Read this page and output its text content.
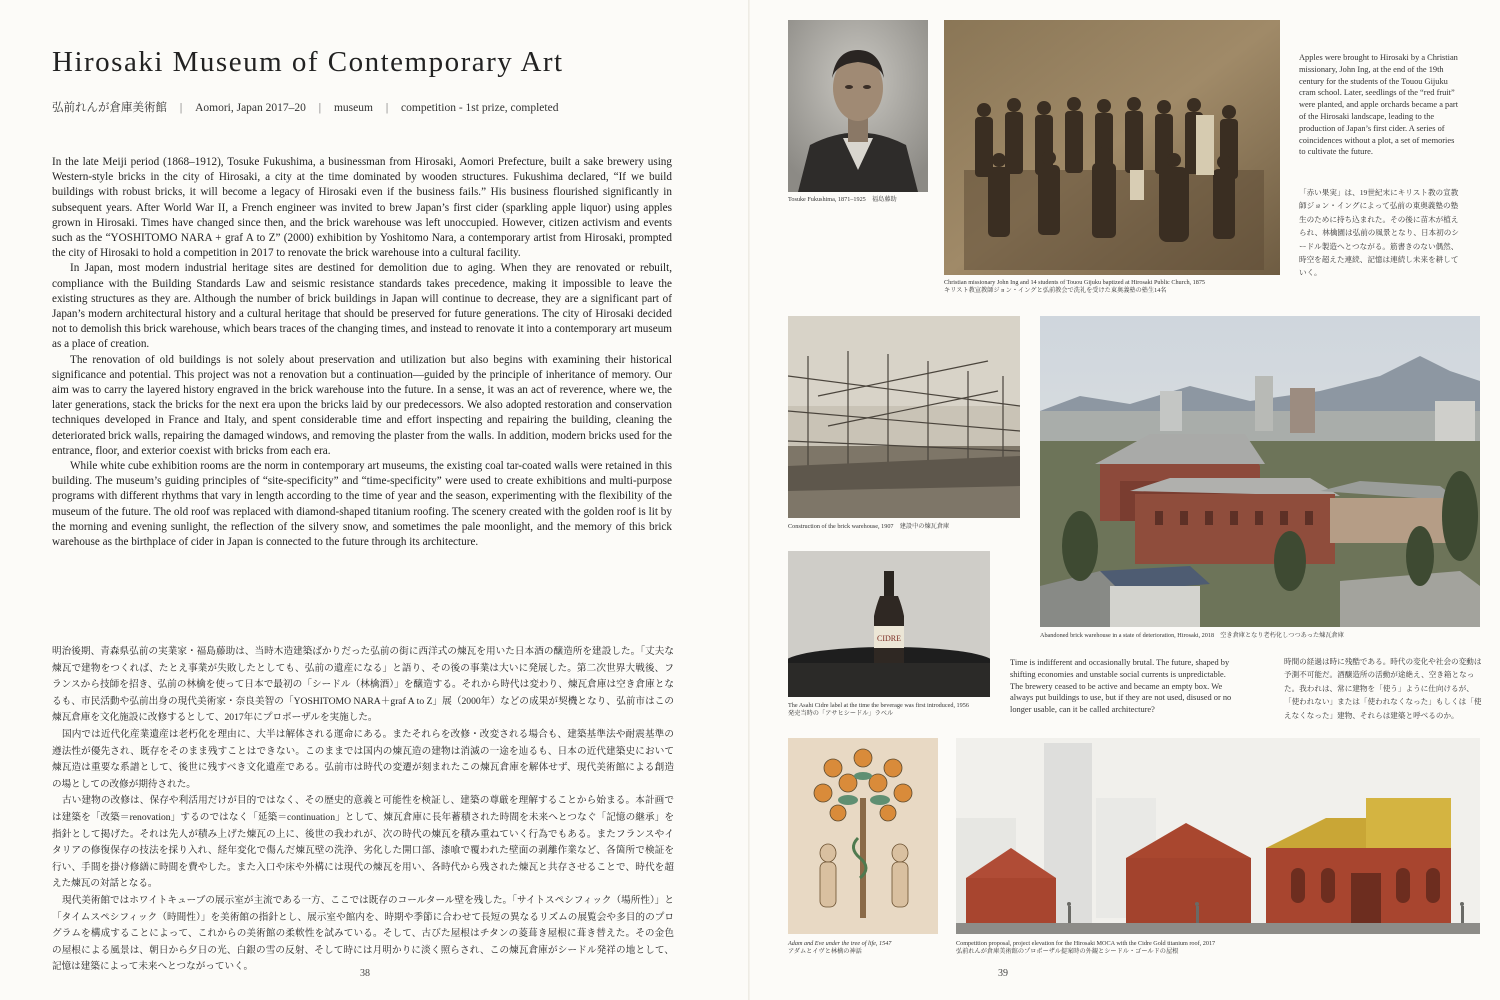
Hirosaki Museum of Contemporary Art
弘前れんが倉庫美術館 | Aomori, Japan 2017–20 | museum | competition - 1st prize, completed

In the late Meiji period (1868–1912), Tosuke Fukushima, a businessman from Hirosaki, Aomori Prefecture, built a sake brewery using Western-style bricks in the city of Hirosaki, a city at the time dominated by wooden structures. Fukushima declared, “If we build buildings with robust bricks, it will become a legacy of Hirosaki even if the business fails.” His business flourished significantly in subsequent years. After World War II, a French engineer was invited to brew Japan’s first cider (sparkling apple liquor) using apples grown in Hirosaki. Times have changed since then, and the brick warehouse was left unoccupied. However, citizen activism and events such as the “YOSHITOMO NARA + graf A to Z” (2000) exhibition by Yoshitomo Nara, a contemporary artist from Hirosaki, prompted the city of Hirosaki to hold a competition in 2017 to renovate the brick warehouse into a cultural facility.

In Japan, most modern industrial heritage sites are destined for demolition due to aging. When they are renovated or rebuilt, compliance with the Building Standards Law and seismic resistance standards takes precedence, making it impossible to leave the existing structures as they are. Although the number of brick buildings in Japan will continue to decrease, they are a significant part of Japan’s modern architectural history and a cultural heritage that should be preserved for future generations. The city of Hirosaki decided not to demolish this brick warehouse, which bears traces of the changing times, and instead to renovate it into a contemporary art museum as a place of creation.

The renovation of old buildings is not solely about preservation and utilization but also begins with examining their historical significance and potential. This project was not a renovation but a continuation—guided by the principle of inheritance of memory. Our aim was to carry the layered history engraved in the brick warehouse into the future. In a sense, it was an act of reverence, where we, the later generations, stack the bricks for the next era upon the bricks laid by our predecessors. We also adopted restoration and conservation techniques developed in France and Italy, and spent considerable time and effort inspecting and repairing the building, cleaning the deteriorated brick walls, repairing the damaged windows, and removing the plaster from the walls. In addition, modern bricks used for the entrance, floor, and exterior coexist with bricks from each era.

While white cube exhibition rooms are the norm in contemporary art museums, the existing coal tar-coated walls were retained in this building. The museum’s guiding principles of “site-specificity” and “time-specificity” were used to create exhibitions and multi-purpose programs with different rhythms that vary in length according to the time of year and the season, experimenting with the flexibility of the museum of the future. The old roof was replaced with diamond-shaped titanium roofing. The scenery created with the golden roof is lit by the morning and evening sunlight, the reflection of the silvery snow, and sometimes the pale moonlight, and the memory of this brick warehouse as the birthplace of cider in Japan is connected to the future through its architecture.

明治後期、青森県弘前の実業家・福島藤助は、当時木造建築ばかりだった弘前の街に西洋式の煉瓦を用いた日本酒の醸造所を建設した。「丈夫な煉瓦で建物をつくれば、たとえ事業が失敗したとしても、弘前の遺産になる」と語り、その後の事業は大いに発展した。第二次世界大戦後、フランスから技師を招き、弘前の林檎を使って日本で最初の「シードル（林檎酒）」を醸造する。それから時代は変わり、煉瓦倉庫は空き倉庫となるも、市民活動や弘前出身の現代美術家・奈良美智の「YOSHITOMO NARA＋graf A to Z」展（2000年）などの成果が契機となり、弘前市はこの煉瓦倉庫を文化施設に改修するとして、2017年にプロポーザルを実施した。

国内では近代化産業遺産は老朽化を理由に、大半は解体される運命にある。またそれらを改修・改変される場合も、建築基準法や耐震基準の遵法性が優先され、既存をそのまま残すことはできない。このままでは国内の煉瓦造の建物は消滅の一途を辿るも、日本の近代建築史において煉瓦造は重要な系譜として、後世に残すべき文化遺産である。弘前市は時代の変遷が刻まれたこの煉瓦倉庫を解体せず、現代美術館による創造の場としての改修が期待された。

古い建物の改修は、保存や利活用だけが目的ではなく、その歴史的意義と可能性を検証し、建築の尊厳を理解することから始まる。本計画では建築を「改築＝renovation」するのではなく「延築＝continuation」として、煉瓦倉庫に長年蓄積された時間を未来へとつなぐ「記憶の継承」を指針として掲げた。それは先人が積み上げた煉瓦の上に、後世の我われが、次の時代の煉瓦を積み重ねていく行為でもある。またフランスやイタリアの修復保存の技法を採り入れ、経年変化で傷んだ煉瓦壁の洗浄、劣化した開口部、漆喰で覆われた壁面の剥離作業など、各箇所で検証を行い、手間を掛け修繕に時間を費やした。また入口や床や外構には現代の煉瓦を用い、各時代から残された煉瓦と共存させることで、時代を超えた煉瓦の対話となる。

現代美術館ではホワイトキューブの展示室が主流である一方、ここでは既存のコールタール壁を残した。「サイトスペシフィック（場所性）」と「タイムスペシフィック（時間性）」を美術館の指針とし、展示室や館内を、時期や季節に合わせて長短の異なるリズムの展覧会や多目的のプログラムを構成することによって、これからの美術館の柔軟性を試みている。そして、古びた屋根はチタンの菱葺き屋根に葺き替えた。その金色の屋根による風景は、朝日から夕日の光、白銀の雪の反射、そして時には月明かりに淡く照らされ、この煉瓦倉庫がシードル発祥の地として、記憶は建築によって未来へとつながっていく。

38
Tosuke Fukushima, 1871–1925　福島藤助
Christian missionary John Ing and 14 students of Touou Gijuku baptized at Hirosaki Public Church, 1875
キリスト教宣教師ジョン・イングと弘前教会で洗礼を受けた東奥義塾の塾生14名
Apples were brought to Hirosaki by a Christian missionary, John Ing, at the end of the 19th century for the students of the Touou Gijuku cram school. Later, seedlings of the “red fruit” were planted, and apple orchards became a part of the Hirosaki landscape, leading to the production of Japan’s first cider. A series of coincidences without a plot, a set of memories to cultivate the future.
「赤い果実」は、19世紀末にキリスト教の宣教師ジョン・イングによって弘前の東奥義塾の塾生のために持ち込まれた。その後に苗木が植えられ、林檎園は弘前の風景となり、日本初のシードル製造へとつながる。筋書きのない偶然、時空を超えた連続、記憶は連続し未来を耕していく。
Construction of the brick warehouse, 1907　建設中の煉瓦倉庫
Abandoned brick warehouse in a state of deterioration, Hirosaki, 2018　空き倉庫となり老朽化しつつあった煉瓦倉庫
CIDRE
The Asahi Cidre label at the time the beverage was first introduced, 1956
発売当時の「アサヒシードル」ラベル
Time is indifferent and occasionally brutal. The future, shaped by shifting economies and unstable social currents is unpredictable. The brewery ceased to be active and became an empty box. We always put buildings to use, but if they are not used, disused or no longer usable, can it be called architecture?
時間の経過は時に残酷である。時代の変化や社会の変動は予測不可能だ。酒醸造所の活動が途絶え、空き箱となった。我われは、常に建物を「使う」ように仕向けるが、「使われない」または「使われなくなった」もしくは「使えなくなった」建物、それらは建築と呼べるのか。
Adam and Eve under the tree of life, 1547
アダムとイヴと林檎の神話
Competition proposal, project elevation for the Hirosaki MOCA with the Cidre Gold titanium roof, 2017
弘前れんが倉庫美術館のプロポーザル提案時の外観とシードル・ゴールドの屋根
39
